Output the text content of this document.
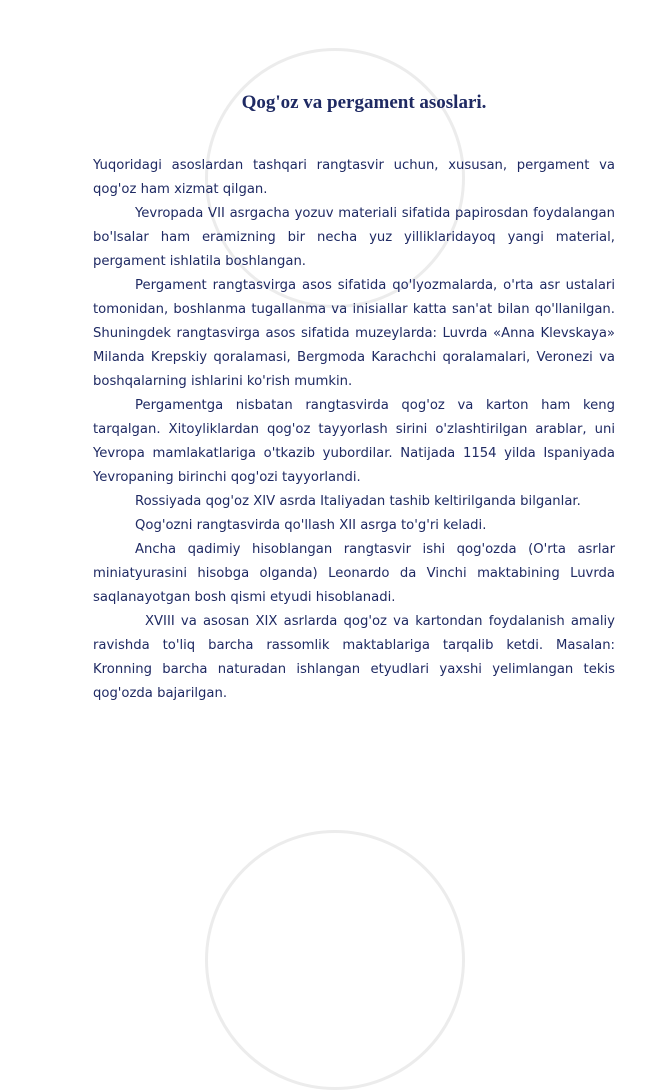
Qog'oz va pergament asoslari.

Yuqoridagi asoslardan tashqari rangtasvir uchun, xususan, pergament va qog'oz ham xizmat qilgan.

Yevropada VII asrgacha yozuv materiali sifatida papirosdan foydalangan bo'lsalar ham eramizning bir necha yuz yilliklaridayoq yangi material, pergament ishlatila boshlangan.

Pergament rangtasvirga asos sifatida qo'lyozmalarda, o'rta asr ustalari tomonidan, boshlanma tugallanma va inisiallar katta san'at bilan qo'llanilgan. Shuningdek rangtasvirga asos sifatida muzeylarda: Luvrda «Anna Klevskaya» Milanda Krepskiy qoralamasi, Bergmoda Karachchi qoralamalari, Veronezi va boshqalarning ishlarini ko'rish mumkin.

Pergamentga nisbatan rangtasvirda qog'oz va karton ham keng tarqalgan. Xitoyliklardan qog'oz tayyorlash sirini o'zlashtirilgan arablar, uni Yevropa mamlakatlariga o'tkazib yubordilar. Natijada 1154 yilda Ispaniyada Yevropaning birinchi qog'ozi tayyorlandi.

Rossiyada qog'oz XIV asrda Italiyadan tashib keltirilganda bilganlar.

Qog'ozni rangtasvirda qo'llash XII asrga to'g'ri keladi.

Ancha qadimiy hisoblangan rangtasvir ishi qog'ozda (O'rta asrlar miniatyurasini hisobga olganda) Leonardo da Vinchi maktabining Luvrda saqlanayotgan bosh qismi etyudi hisoblanadi.

XVIII va asosan XIX asrlarda qog'oz va kartondan foydalanish amaliy ravishda to'liq barcha rassomlik maktablariga tarqalib ketdi. Masalan: Kronning barcha naturadan ishlangan etyudlari yaxshi yelimlangan tekis qog'ozda bajarilgan.
